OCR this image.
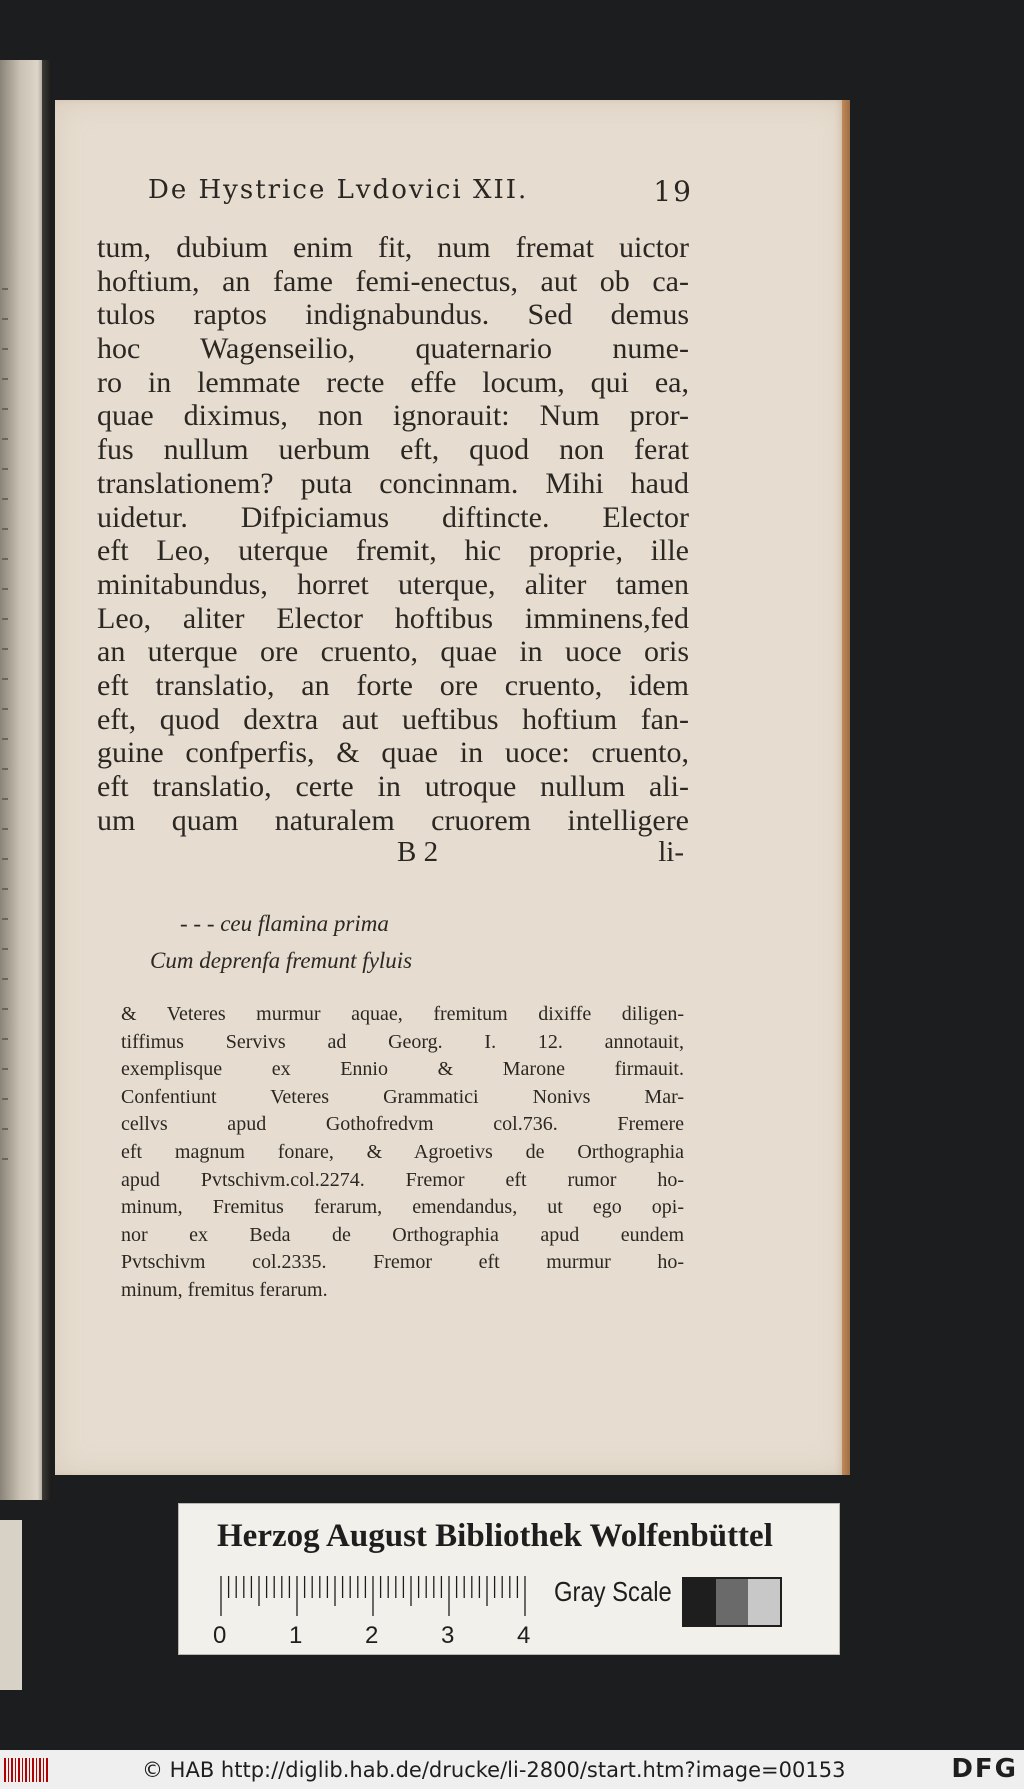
De Hystrice Lvdovici XII.	19
tum, dubium enim fit, num fremat uictor
hoftium, an fame femi-enectus, aut ob ca-
tulos raptos indignabundus. Sed demus
hoc Wagenseilio, quaternario nume-
ro in lemmate recte effe locum, qui ea,
quae diximus, non ignorauit: Num pror-
fus nullum uerbum eft, quod non ferat
translationem? puta concinnam. Mihi haud
uidetur. Difpiciamus diftincte. Elector
eft Leo, uterque fremit, hic proprie, ille
minitabundus, horret uterque, aliter tamen
Leo, aliter Elector hoftibus imminens,fed
an uterque ore cruento, quae in uoce oris
eft translatio, an forte ore cruento, idem
eft, quod dextra aut ueftibus hoftium fan-
guine confperfis, & quae in uoce: cruento,
eft translatio, certe in utroque nullum ali-
um quam naturalem cruorem intelligere
B 2	li-
- - - ceu flamina prima
Cum deprenfa fremunt fyluis
& Veteres murmur aquae, fremitum dixiffe diligen-
tiffimus Servivs ad Georg. I. 12. annotauit,
exemplisque ex Ennio & Marone firmauit.
Confentiunt Veteres Grammatici Nonivs Mar-
cellvs apud Gothofredvm col.736. Fremere
eft magnum fonare, & Agroetivs de Orthographia
apud Pvtschivm.col.2274. Fremor eft rumor ho-
minum, Fremitus ferarum, emendandus, ut ego opi-
nor ex Beda de Orthographia apud eundem
Pvtschivm col.2335. Fremor eft murmur ho-
minum, fremitus ferarum.
Herzog August Bibliothek Wolfenbüttel
0	1	2	3	4
Gray Scale
© HAB http://diglib.hab.de/drucke/li-2800/start.htm?image=00153	DFG
